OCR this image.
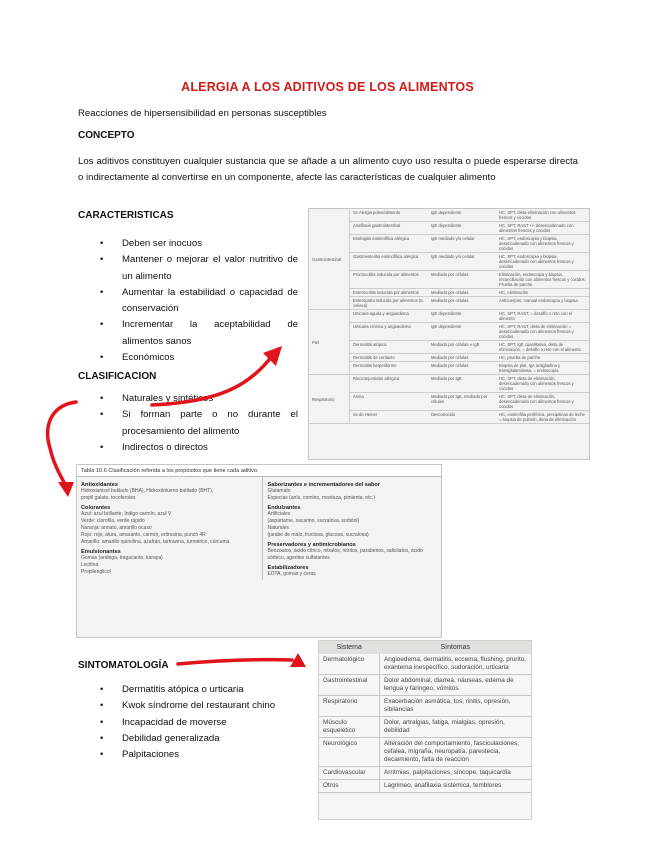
ALERGIA A LOS ADITIVOS DE LOS ALIMENTOS
Reacciones de hipersensibilidad en personas susceptibles
CONCEPTO
Los aditivos constituyen cualquier sustancia que se añade a un alimento cuyo uso resulta o puede esperarse directa o indirectamente al convertirse en un componente, afecte las características de cualquier alimento
CARACTERISTICAS
• Deben ser inocuos
• Mantener o mejorar el valor nutritivo de un alimento
• Aumentar la estabilidad o capacidad de conservación
• Incrementar la aceptabilidad de alimentos sanos
• Económicos
CLASIFICACION
• Naturales y sintéticos
• Si forman parte o no durante el procesamiento del alimento
• Indirectos o directos
Gastrointestinal	Sx Alergia polen/alimento	IgE dependiente	HC, SPT, dieta eliminación con alimentos frescos y cocidos
	Anafilaxis gastrointestinal	IgE dependiente	HC, SPT, RAST +/- desencadenado con alimentos frescos y cocidos
	Esofagitis eosinofílica alérgica	IgE mediado y/o celular	HC, SPT, endoscopia y biopsia, desencadenado con alimentos frescos y cocidos
	Gastroenteritis eosinofílica alérgica	IgE mediado y/o celular	HC, SPT, endoscopia y biopsia, desencadenado con alimentos frescos y cocidos
	Proctocolitis inducida por alimentos	Mediado por células	Eliminación, endoscopia y biopsia, reconciliación con alimentos frescos y cocidos. Prueba de parche
	Enterocolitis inducida por alimentos	Mediado por células	HC, eliminación
	Enteropatía inducida por alimentos (E. celiaca)	Mediado por células	Anticuerpos, manual endoscopía y biopsia
Piel	Urticaria aguda y angioedema	IgE dependiente	HC, SPT, RAST, = desafío o reto con el alimento
	Urticaria crónica y angioedema	IgE dependiente	HC, SPT, RAST, dieta de eliminación = desencadenado con alimentos frescos y cocidos
	Dermatitis atópica	Mediado por células e IgE	HC, SPT, IgE cuantitativa, dieta de eliminación, = desafío o reto con el alimento
	Dermatitis de contacto	Mediado por células	HC, prueba de parche
	Dermatitis herpetiforme	Mediado por células	Biopsia de piel, IgA antigliadina y transglutaminasa, = endoscopía
Respiratorio	Rinoconjuntivitis alérgica	Mediado por IgE	HC, SPT, dieta de eliminación, desencadenado con alimentos frescos y cocidos
	Asma	Mediado por IgE, mediado por células	HC, SPT, dieta de eliminación, desencadenado con alimentos frescos y cocidos
	Sx de Heiner	Desconocido	HC, eosinofilia periférica, precipitinas de leche = biopsia de pulmón, dieta de eliminación
Tabla 10.6 Clasificación referida a los propósitos que tiene cada aditivo.
Antioxidantes
Hidroxianisol butilado (BHA), Hidroxitolueno butilado (BHT),
propil galato, tocoferoles
Colorantes
Azul: azul brillante, índigo carmín, azul V
Verde: clorofila, verde rápido
Naranja: annato, amarillo ocaso
Rojo: rojo, alura, amaranto, carmín, eritrosina, punzó 4R
Amarillo: amarillo quinolina, azafrán, tartrazina, turmérico, cúrcuma
Emulsionantes
Gomas (arábiga, tragacanto, karaya)
Lecitina
Propilenglicol
Saborizantes e incrementadores del sabor
Glutamato
Especias (anís, comino, mostaza, pimienta, etc.)
Endulzantes
Artificiales
(aspartame, sacarino, sucralosa, sorbitol)
Naturales
(jarabe de maíz, fructosa, glucosa, sucralosa)
Preservadores y antimicrobianos
Benzoatos, ácido cítrico, nitratos, nitritos, parabenos, salicilatos, ácido
sórbico, agentes sulfatantes
Estabilizadores
EDTA, gomas y ceras
SINTOMATOLOGÍA
• Dermatitis atópica o urticaria
• Kwok síndrome del restaurant chino
• Incapacidad de moverse
• Debilidad generalizada
• Palpitaciones
Sistema	Síntomas
Dermatológico	Angioedema, dermatitis, eccema, flushing, prurito, exantema inespecífico, sudoración, urticaria
Gastrointestinal	Dolor abdominal, diarrea, náuseas, edema de lengua y faringeo, vómitos
Respiratorio	Exacerbación asmática, tos, rinitis, opresión, sibilancias
Músculo esquelético	Dolor, artralgias, fatiga, mialgias, opresión, debilidad
Neurológico	Alteración del comportamiento, fasciculaciones, cefalea, migraña, neuropatía, parestecia, decaimiento, falta de reacción
Cardiovascular	Arritmias, palpitaciones, síncope, taquicardia
Otros	Lagrimeo, anafilaxia sistémica, temblores
